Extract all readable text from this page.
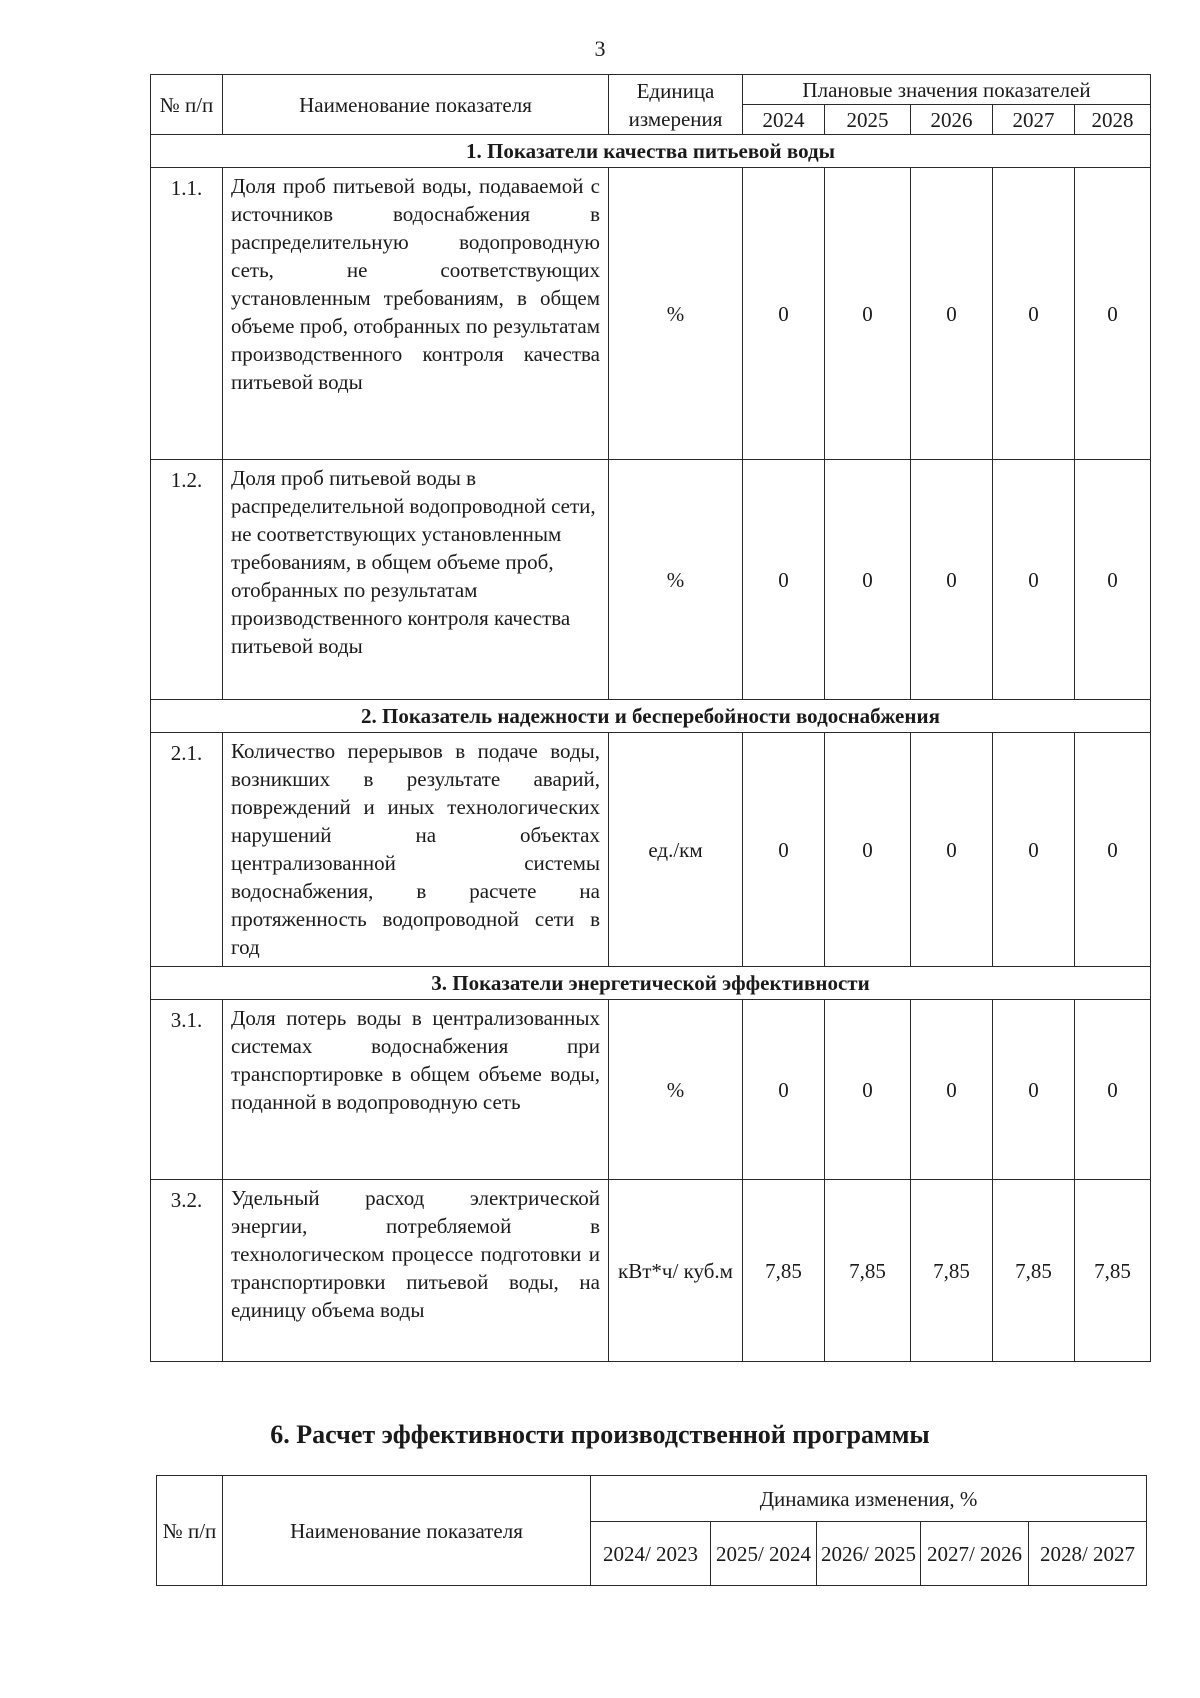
3
№ п/п	Наименование показателя	Единица измерения	Плановые значения показателей				
			2024	2025	2026	2027	2028
1. Показатели качества питьевой воды							
1.1.	Доля проб питьевой воды, подаваемой с источников водоснабжения в распределительную водопроводную сеть, не соответствующих установленным требованиям, в общем объеме проб, отобранных по результатам производственного контроля качества питьевой воды	%	0	0	0	0	0
1.2.	Доля проб питьевой воды в распределительной водопроводной сети, не соответствующих установленным требованиям, в общем объеме проб, отобранных по результатам производственного контроля качества питьевой воды	%	0	0	0	0	0
2. Показатель надежности и бесперебойности водоснабжения							
2.1.	Количество перерывов в подаче воды, возникших в результате аварий, повреждений и иных технологических нарушений на объектах централизованной системы водоснабжения, в расчете на протяженность водопроводной сети в год	ед./км	0	0	0	0	0
3. Показатели энергетической эффективности							
3.1.	Доля потерь воды в централизованных системах водоснабжения при транспортировке в общем объеме воды, поданной в водопроводную сеть	%	0	0	0	0	0
3.2.	Удельный расход электрической энергии, потребляемой в технологическом процессе подготовки и транспортировки питьевой воды, на единицу объема воды	кВт*ч/ куб.м	7,85	7,85	7,85	7,85	7,85
6. Расчет эффективности производственной программы
№ п/п	Наименование показателя	Динамика изменения, %				
		2024/ 2023	2025/ 2024	2026/ 2025	2027/ 2026	2028/ 2027
